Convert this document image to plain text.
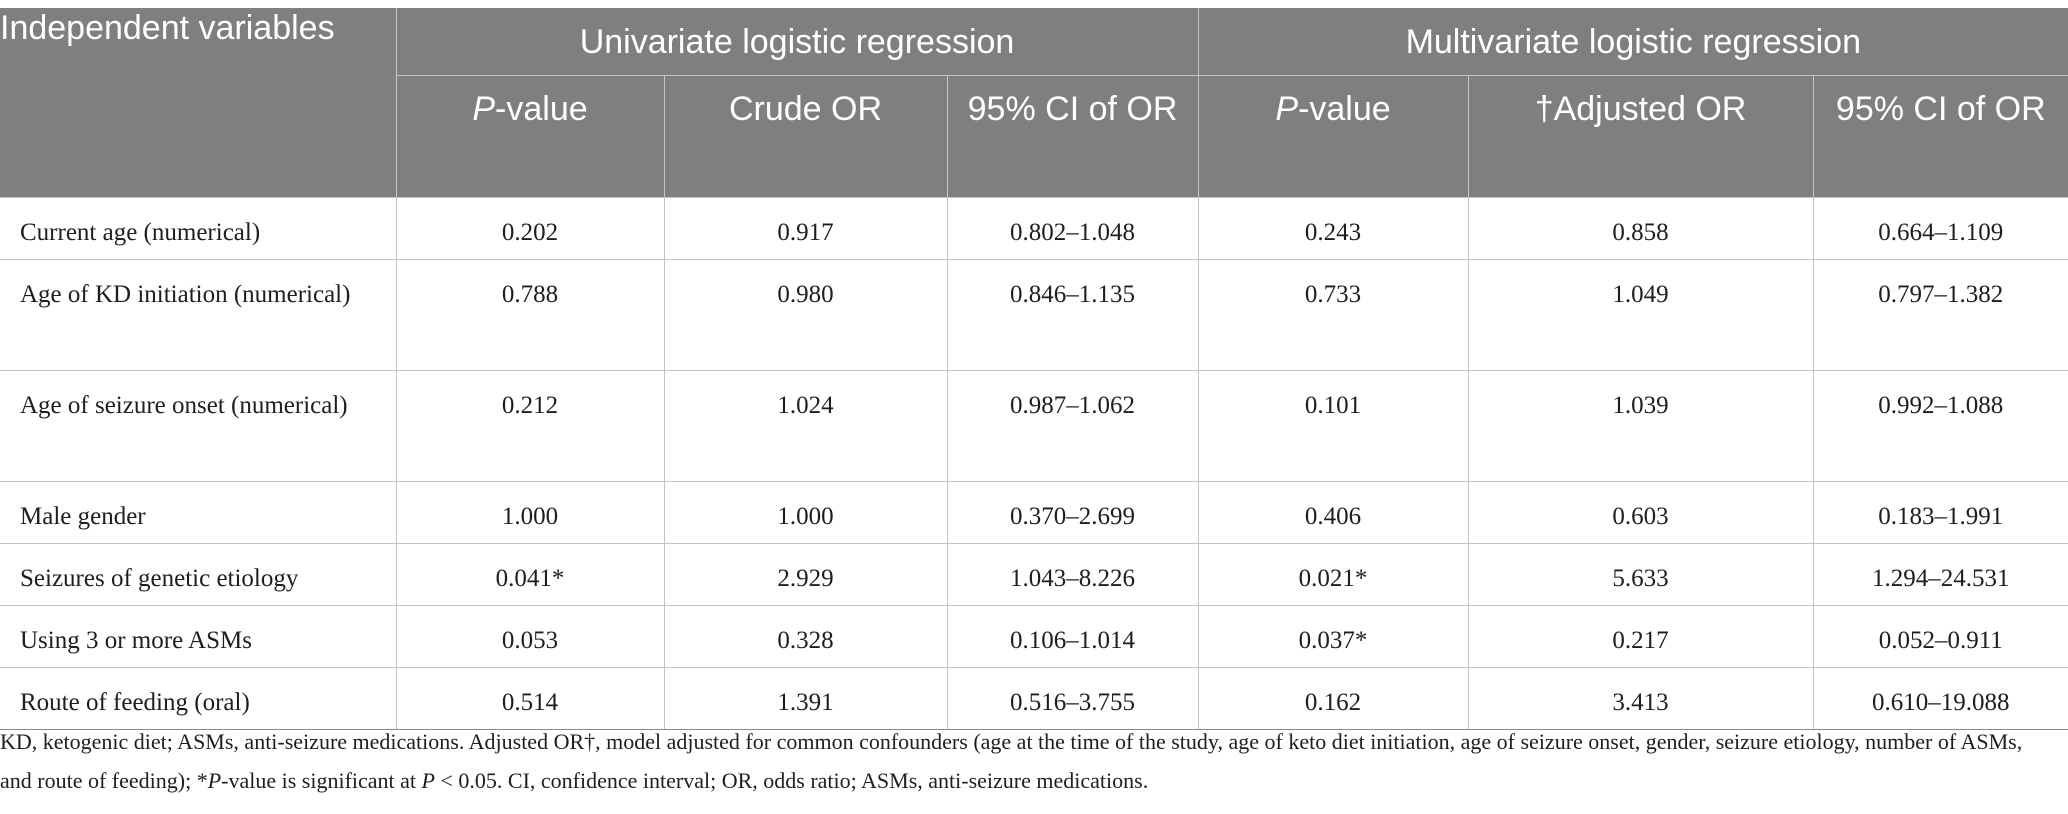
Independent variables	Univariate logistic regression			Multivariate logistic regression		
	P-value	Crude OR	95% CI of OR	P-value	†Adjusted OR	95% CI of OR
Current age (numerical)	0.202	0.917	0.802–1.048	0.243	0.858	0.664–1.109
Age of KD initiation (numerical)	0.788	0.980	0.846–1.135	0.733	1.049	0.797–1.382
Age of seizure onset (numerical)	0.212	1.024	0.987–1.062	0.101	1.039	0.992–1.088
Male gender	1.000	1.000	0.370–2.699	0.406	0.603	0.183–1.991
Seizures of genetic etiology	0.041*	2.929	1.043–8.226	0.021*	5.633	1.294–24.531
Using 3 or more ASMs	0.053	0.328	0.106–1.014	0.037*	0.217	0.052–0.911
Route of feeding (oral)	0.514	1.391	0.516–3.755	0.162	3.413	0.610–19.088
KD, ketogenic diet; ASMs, anti-seizure medications. Adjusted OR†, model adjusted for common confounders (age at the time of the study, age of keto diet initiation, age of seizure onset, gender, seizure etiology, number of ASMs, and route of feeding); *P-value is significant at P < 0.05. CI, confidence interval; OR, odds ratio; ASMs, anti-seizure medications.
